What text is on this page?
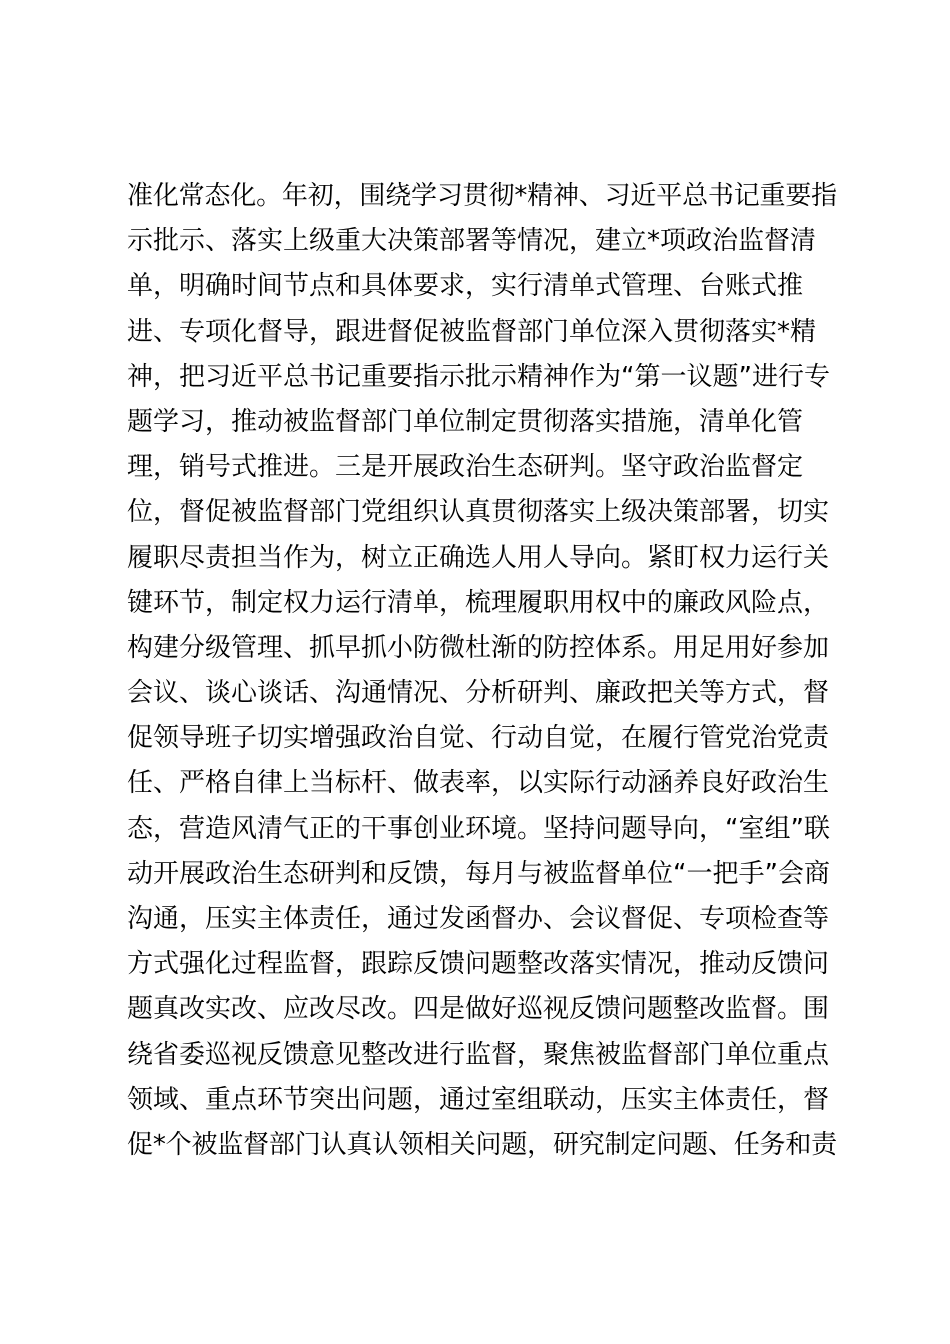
准化常态化。年初，围绕学习贯彻*精神、习近平总书记重要指
示批示、落实上级重大决策部署等情况，建立*项政治监督清
单，明确时间节点和具体要求，实行清单式管理、台账式推
进、专项化督导，跟进督促被监督部门单位深入贯彻落实*精
神，把习近平总书记重要指示批示精神作为“第一议题”进行专
题学习，推动被监督部门单位制定贯彻落实措施，清单化管
理，销号式推进。三是开展政治生态研判。坚守政治监督定
位，督促被监督部门党组织认真贯彻落实上级决策部署，切实
履职尽责担当作为，树立正确选人用人导向。紧盯权力运行关
键环节，制定权力运行清单，梳理履职用权中的廉政风险点，
构建分级管理、抓早抓小防微杜渐的防控体系。用足用好参加
会议、谈心谈话、沟通情况、分析研判、廉政把关等方式，督
促领导班子切实增强政治自觉、行动自觉，在履行管党治党责
任、严格自律上当标杆、做表率，以实际行动涵养良好政治生
态，营造风清气正的干事创业环境。坚持问题导向，“室组”联
动开展政治生态研判和反馈，每月与被监督单位“一把手”会商
沟通，压实主体责任，通过发函督办、会议督促、专项检查等
方式强化过程监督，跟踪反馈问题整改落实情况，推动反馈问
题真改实改、应改尽改。四是做好巡视反馈问题整改监督。围
绕省委巡视反馈意见整改进行监督，聚焦被监督部门单位重点
领域、重点环节突出问题，通过室组联动，压实主体责任，督
促*个被监督部门认真认领相关问题，研究制定问题、任务和责
